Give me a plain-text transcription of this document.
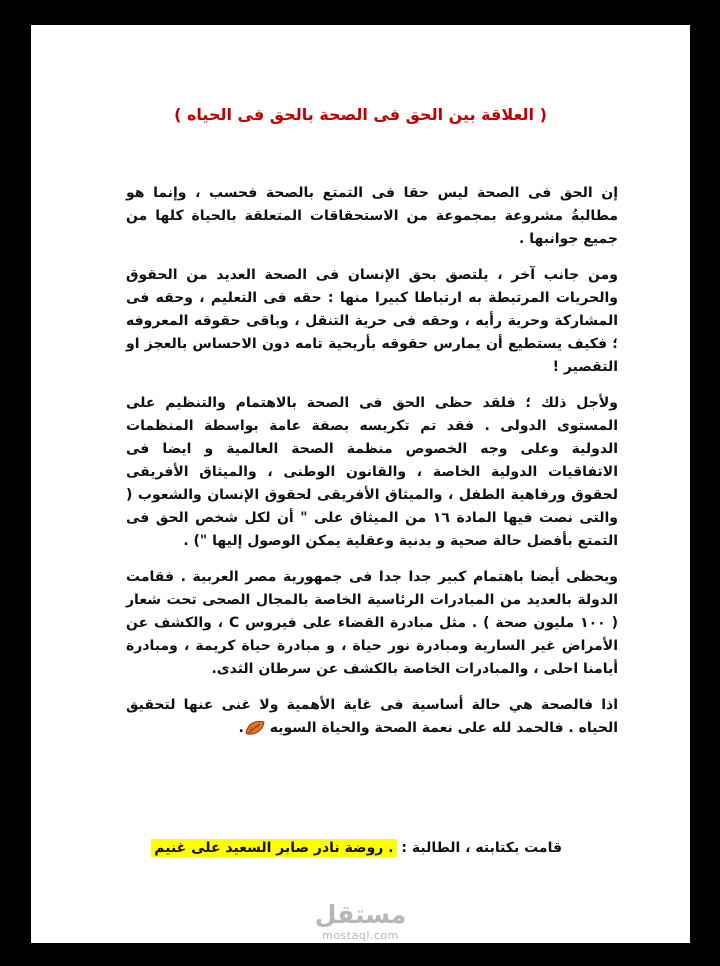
( العلاقة بين الحق فى الصحة بالحق فى الحياه )

إن الحق فى الصحة ليس حقا فى التمتع بالصحة فحسب ، وإنما هو مطالبةُ مشروعة بمجموعة من الاستحقاقات المتعلقة بالحياة كلها من جميع جوانبها .

ومن جانب آخر ، يلتصق بحق الإنسان فى الصحة العديد من الحقوق والحريات المرتبطة به ارتباطا كبيرا منها : حقه فى التعليم ، وحقه فى المشاركة وحرية رأيه ، وحقه فى حرية التنقل ، وباقى حقوقه المعروفه ؛ فكيف يستطيع أن يمارس حقوقه بأريحية تامه دون الاحساس بالعجز او التقصير !

ولأجل ذلك ؛ فلقد حظى الحق فى الصحة بالاهتمام والتنظيم على المستوى الدولى . فقد تم تكريسه بصفة عامة بواسطة المنظمات الدولية وعلى وجه الخصوص منظمة الصحة العالمية و ايضا فى الاتفاقيات الدولية الخاصة ، والقانون الوطنى ، والميثاق الأفريقى لحقوق ورفاهية الطفل ، والميثاق الأفريقى لحقوق الإنسان والشعوب ( والتى نصت فيها المادة ١٦ من الميثاق على " أن لكل شخص الحق فى التمتع بأفضل حالة صحية و بدنية وعقلية يمكن الوصول إليها ") .

ويحظى أيضا باهتمام كبير جدا جدا فى جمهورية مصر العربية . فقامت الدولة بالعديد من المبادرات الرئاسية الخاصة بالمجال الصحى تحت شعار ( ١٠٠ مليون صحة ) . مثل مبادرة القضاء على فيروس C ، والكشف عن الأمراض غير السارية ومبادرة نور حياة ، و مبادرة حياة كريمة ، ومبادرة أيامنا احلى ، والمبادرات الخاصة بالكشف عن سرطان الثدى.

اذا فالصحة هي حالة أساسية فى غاية الأهمية ولا غنى عنها لتحقيق الحياه . فالحمد لله على نعمة الصحة والحياة السويه.

قامت بكتابته ، الطالبة : . روضة نادر صابر السعيد على غنيم
مستقل
mostaql.com
